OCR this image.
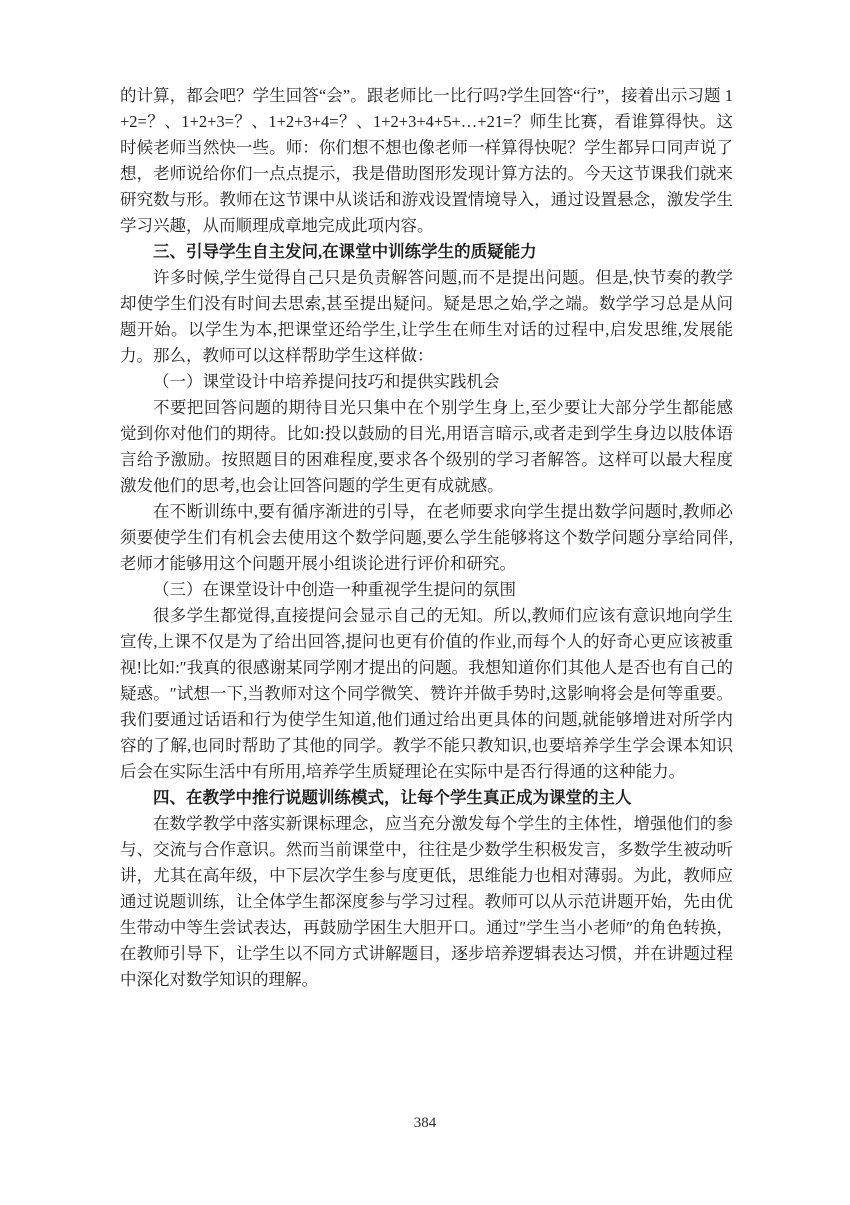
的计算，都会吧？学生回答“会”。跟老师比一比行吗?学生回答“行”，接着出示习题 1+2=？、1+2+3=？、1+2+3+4=？、1+2+3+4+5+…+21=？师生比赛，看谁算得快。这时候老师当然快一些。师：你们想不想也像老师一样算得快呢？学生都异口同声说了想，老师说给你们一点点提示，我是借助图形发现计算方法的。今天这节课我们就来研究数与形。教师在这节课中从谈话和游戏设置情境导入，通过设置悬念，激发学生学习兴趣，从而顺理成章地完成此项内容。

三、引导学生自主发问,在课堂中训练学生的质疑能力

许多时候,学生觉得自己只是负责解答问题,而不是提出问题。但是,快节奏的教学却使学生们没有时间去思索,甚至提出疑问。疑是思之始,学之端。数学学习总是从问题开始。以学生为本,把课堂还给学生,让学生在师生对话的过程中,启发思维,发展能力。那么，教师可以这样帮助学生这样做：

（一）课堂设计中培养提问技巧和提供实践机会

不要把回答问题的期待目光只集中在个别学生身上,至少要让大部分学生都能感觉到你对他们的期待。比如:投以鼓励的目光,用语言暗示,或者走到学生身边以肢体语言给予激励。按照题目的困难程度,要求各个级别的学习者解答。这样可以最大程度激发他们的思考,也会让回答问题的学生更有成就感。

在不断训练中,要有循序渐进的引导，在老师要求向学生提出数学问题时,教师必须要使学生们有机会去使用这个数学问题,要么学生能够将这个数学问题分享给同伴,老师才能够用这个问题开展小组谈论进行评价和研究。

（三）在课堂设计中创造一种重视学生提问的氛围

很多学生都觉得,直接提问会显示自己的无知。所以,教师们应该有意识地向学生宣传,上课不仅是为了给出回答,提问也更有价值的作业,而每个人的好奇心更应该被重视!比如:″我真的很感谢某同学刚才提出的问题。我想知道你们其他人是否也有自己的疑惑。″试想一下,当教师对这个同学微笑、赞许并做手势时,这影响将会是何等重要。我们要通过话语和行为使学生知道,他们通过给出更具体的问题,就能够增进对所学内容的了解,也同时帮助了其他的同学。教学不能只教知识,也要培养学生学会课本知识后会在实际生活中有所用,培养学生质疑理论在实际中是否行得通的这种能力。

四、在教学中推行说题训练模式，让每个学生真正成为课堂的主人

在数学教学中落实新课标理念，应当充分激发每个学生的主体性，增强他们的参与、交流与合作意识。然而当前课堂中，往往是少数学生积极发言，多数学生被动听讲，尤其在高年级，中下层次学生参与度更低，思维能力也相对薄弱。为此，教师应通过说题训练，让全体学生都深度参与学习过程。教师可以从示范讲题开始，先由优生带动中等生尝试表达，再鼓励学困生大胆开口。通过″学生当小老师″的角色转换，在教师引导下，让学生以不同方式讲解题目，逐步培养逻辑表达习惯，并在讲题过程中深化对数学知识的理解。

384
